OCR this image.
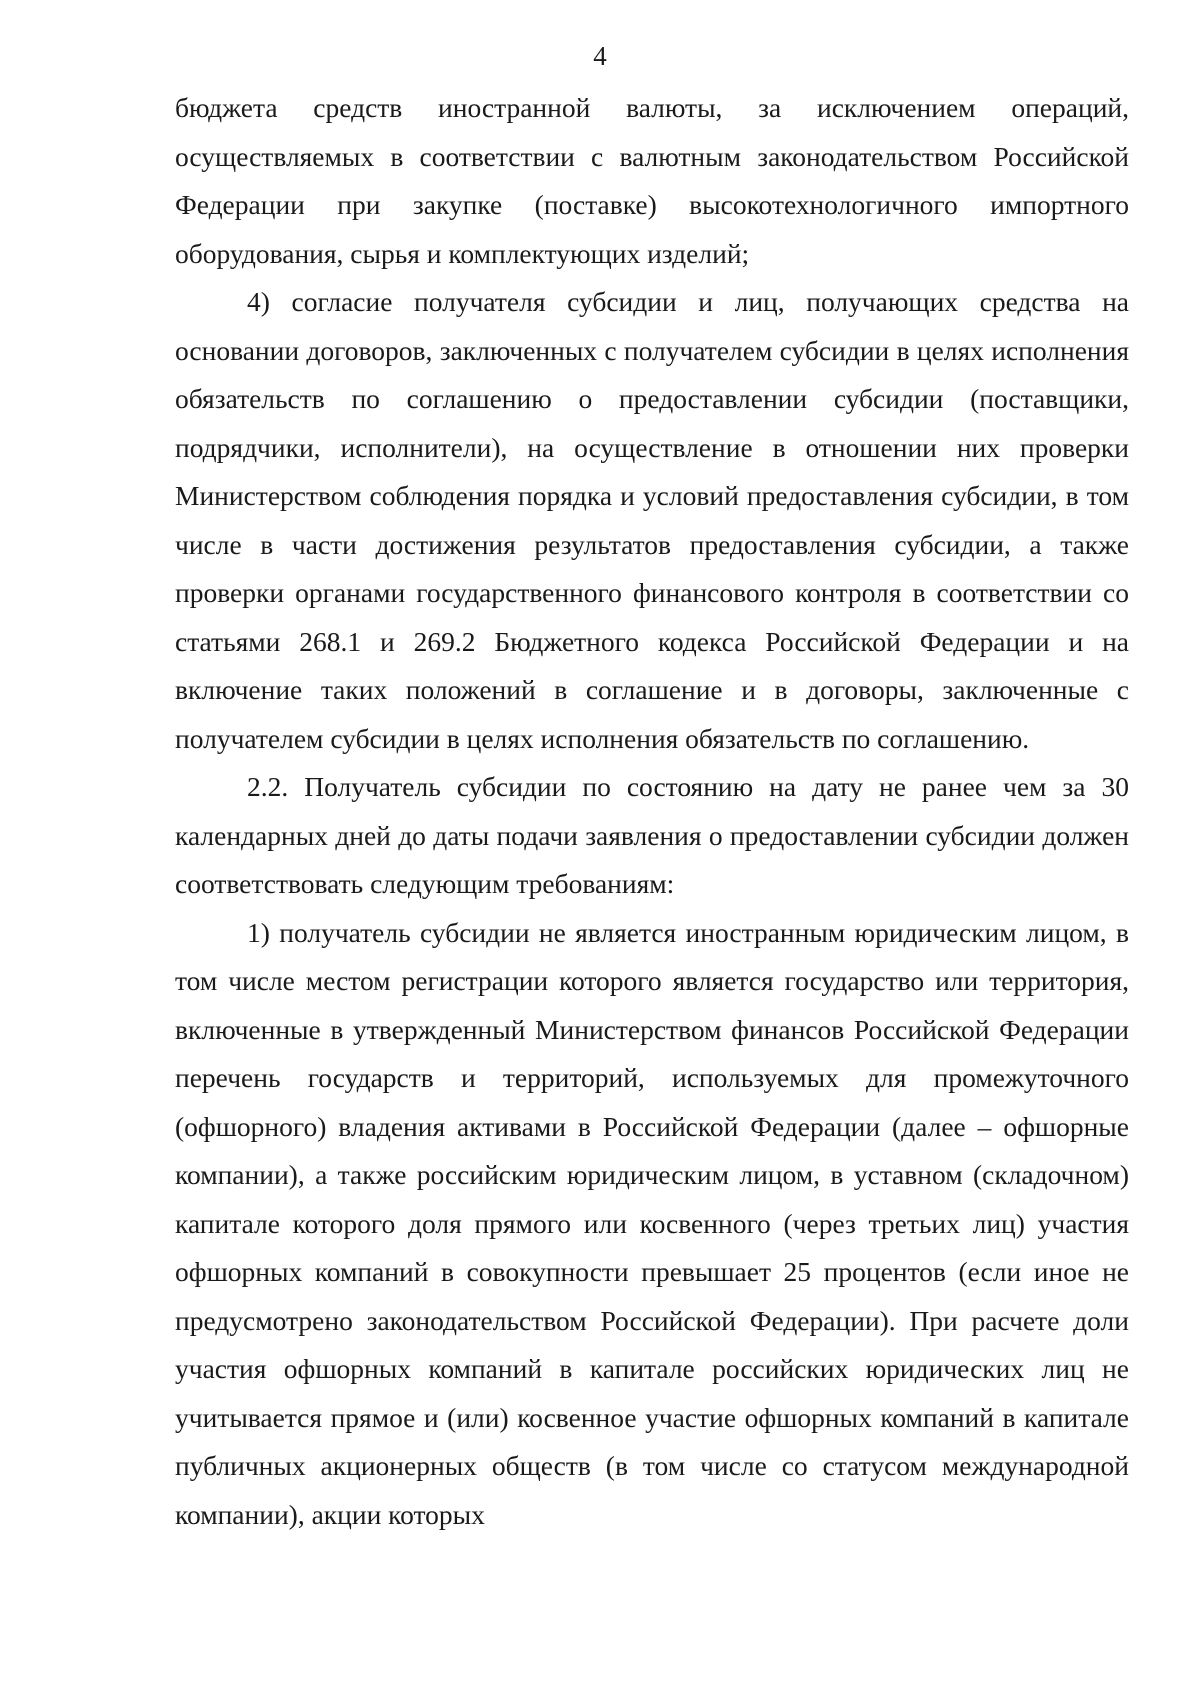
4

бюджета средств иностранной валюты, за исключением операций, осуществляемых в соответствии с валютным законодательством Российской Федерации при закупке (поставке) высокотехнологичного импортного оборудования, сырья и комплектующих изделий;

4) согласие получателя субсидии и лиц, получающих средства на основании договоров, заключенных с получателем субсидии в целях исполнения обязательств по соглашению о предоставлении субсидии (поставщики, подрядчики, исполнители), на осуществление в отношении них проверки Министерством соблюдения порядка и условий предоставления субсидии, в том числе в части достижения результатов предоставления субсидии, а также проверки органами государственного финансового контроля в соответствии со статьями 268.1 и 269.2 Бюджетного кодекса Российской Федерации и на включение таких положений в соглашение и в договоры, заключенные с получателем субсидии в целях исполнения обязательств по соглашению.

2.2. Получатель субсидии по состоянию на дату не ранее чем за 30 календарных дней до даты подачи заявления о предоставлении субсидии должен соответствовать следующим требованиям:

1) получатель субсидии не является иностранным юридическим лицом, в том числе местом регистрации которого является государство или территория, включенные в утвержденный Министерством финансов Российской Федерации перечень государств и территорий, используемых для промежуточного (офшорного) владения активами в Российской Федерации (далее – офшорные компании), а также российским юридическим лицом, в уставном (складочном) капитале которого доля прямого или косвенного (через третьих лиц) участия офшорных компаний в совокупности превышает 25 процентов (если иное не предусмотрено законодательством Российской Федерации). При расчете доли участия офшорных компаний в капитале российских юридических лиц не учитывается прямое и (или) косвенное участие офшорных компаний в капитале публичных акционерных обществ (в том числе со статусом международной компании), акции которых
